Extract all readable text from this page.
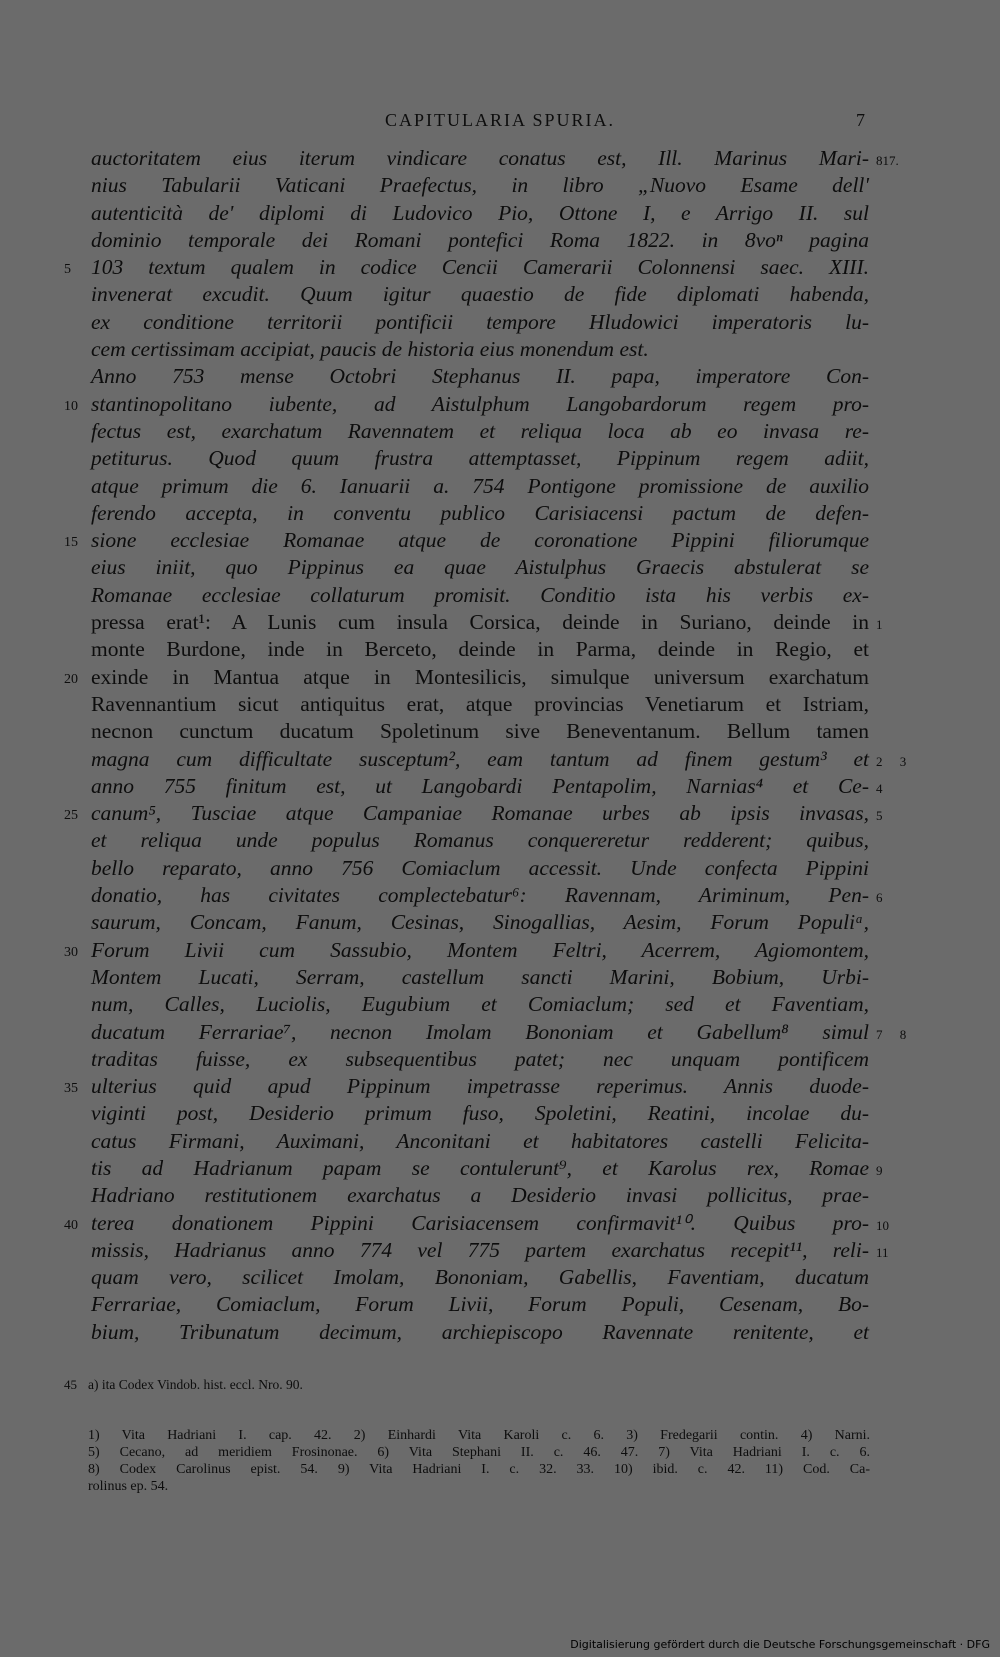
CAPITULARIA SPURIA.	7
auctoritatem eius iterum vindicare conatus est, Ill. Marinus Mari- 817.
nius Tabularii Vaticani Praefectus, in libro „Nuovo Esame dell'
autenticità de' diplomi di Ludovico Pio, Ottone I, e Arrigo II. sul
dominio temporale dei Romani pontefici Roma 1822. in 8voⁿ pagina
5 103 textum qualem in codice Cencii Camerarii Colonnensi saec. XIII.
invenerat excudit. Quum igitur quaestio de fide diplomati habenda,
ex conditione territorii pontificii tempore Hludowici imperatoris lu-
cem certissimam accipiat, paucis de historia eius monendum est.
Anno 753 mense Octobri Stephanus II. papa, imperatore Con-
10 stantinopolitano iubente, ad Aistulphum Langobardorum regem pro-
fectus est, exarchatum Ravennatem et reliqua loca ab eo invasa re-
petiturus. Quod quum frustra attemptasset, Pippinum regem adiit,
atque primum die 6. Ianuarii a. 754 Pontigone promissione de auxilio
ferendo accepta, in conventu publico Carisiacensi pactum de defen-
15 sione ecclesiae Romanae atque de coronatione Pippini filiorumque
eius iniit, quo Pippinus ea quae Aistulphus Graecis abstulerat se
Romanae ecclesiae collaturum promisit. Conditio ista his verbis ex-
pressa erat¹: A Lunis cum insula Corsica, deinde in Suriano, deinde in 1
monte Burdone, inde in Berceto, deinde in Parma, deinde in Regio, et
20 exinde in Mantua atque in Montesilicis, simulque universum exarchatum
Ravennantium sicut antiquitus erat, atque provincias Venetiarum et Istriam,
necnon cunctum ducatum Spoletinum sive Beneventanum. Bellum tamen
magna cum difficultate susceptum², eam tantum ad finem gestum³ et 2 3
anno 755 finitum est, ut Langobardi Pentapolim, Narnias⁴ et Ce- 4
25 canum⁵, Tusciae atque Campaniae Romanae urbes ab ipsis invasas, 5
et reliqua unde populus Romanus conquereretur redderent; quibus,
bello reparato, anno 756 Comiaclum accessit. Unde confecta Pippini
donatio, has civitates complectebatur⁶: Ravennam, Ariminum, Pen- 6
saurum, Concam, Fanum, Cesinas, Sinogallias, Aesim, Forum Populiᵃ,
30 Forum Livii cum Sassubio, Montem Feltri, Acerrem, Agiomontem,
Montem Lucati, Serram, castellum sancti Marini, Bobium, Urbi-
num, Calles, Luciolis, Eugubium et Comiaclum; sed et Faventiam,
ducatum Ferrariae⁷, necnon Imolam Bononiam et Gabellum⁸ simul 7 8
traditas fuisse, ex subsequentibus patet; nec unquam pontificem
35 ulterius quid apud Pippinum impetrasse reperimus. Annis duode-
viginti post, Desiderio primum fuso, Spoletini, Reatini, incolae du-
catus Firmani, Auximani, Anconitani et habitatores castelli Felicita-
tis ad Hadrianum papam se contulerunt⁹, et Karolus rex, Romae 9
Hadriano restitutionem exarchatus a Desiderio invasi pollicitus, prae-
40 terea donationem Pippini Carisiacensem confirmavit¹⁰. Quibus pro- 10
missis, Hadrianus anno 774 vel 775 partem exarchatus recepit¹¹, reli- 11
quam vero, scilicet Imolam, Bononiam, Gabellis, Faventiam, ducatum
Ferrariae, Comiaclum, Forum Livii, Forum Populi, Cesenam, Bo-
bium, Tribunatum decimum, archiepiscopo Ravennate renitente, et
45 a) ita Codex Vindob. hist. eccl. Nro. 90.
1) Vita Hadriani I. cap. 42. 2) Einhardi Vita Karoli c. 6. 3) Fredegarii contin. 4) Narni.
5) Cecano, ad meridiem Frosinonae. 6) Vita Stephani II. c. 46. 47. 7) Vita Hadriani I. c. 6.
8) Codex Carolinus epist. 54. 9) Vita Hadriani I. c. 32. 33. 10) ibid. c. 42. 11) Cod. Ca-
rolinus ep. 54.
Digitalisierung gefördert durch die Deutsche Forschungsgemeinschaft · DFG
